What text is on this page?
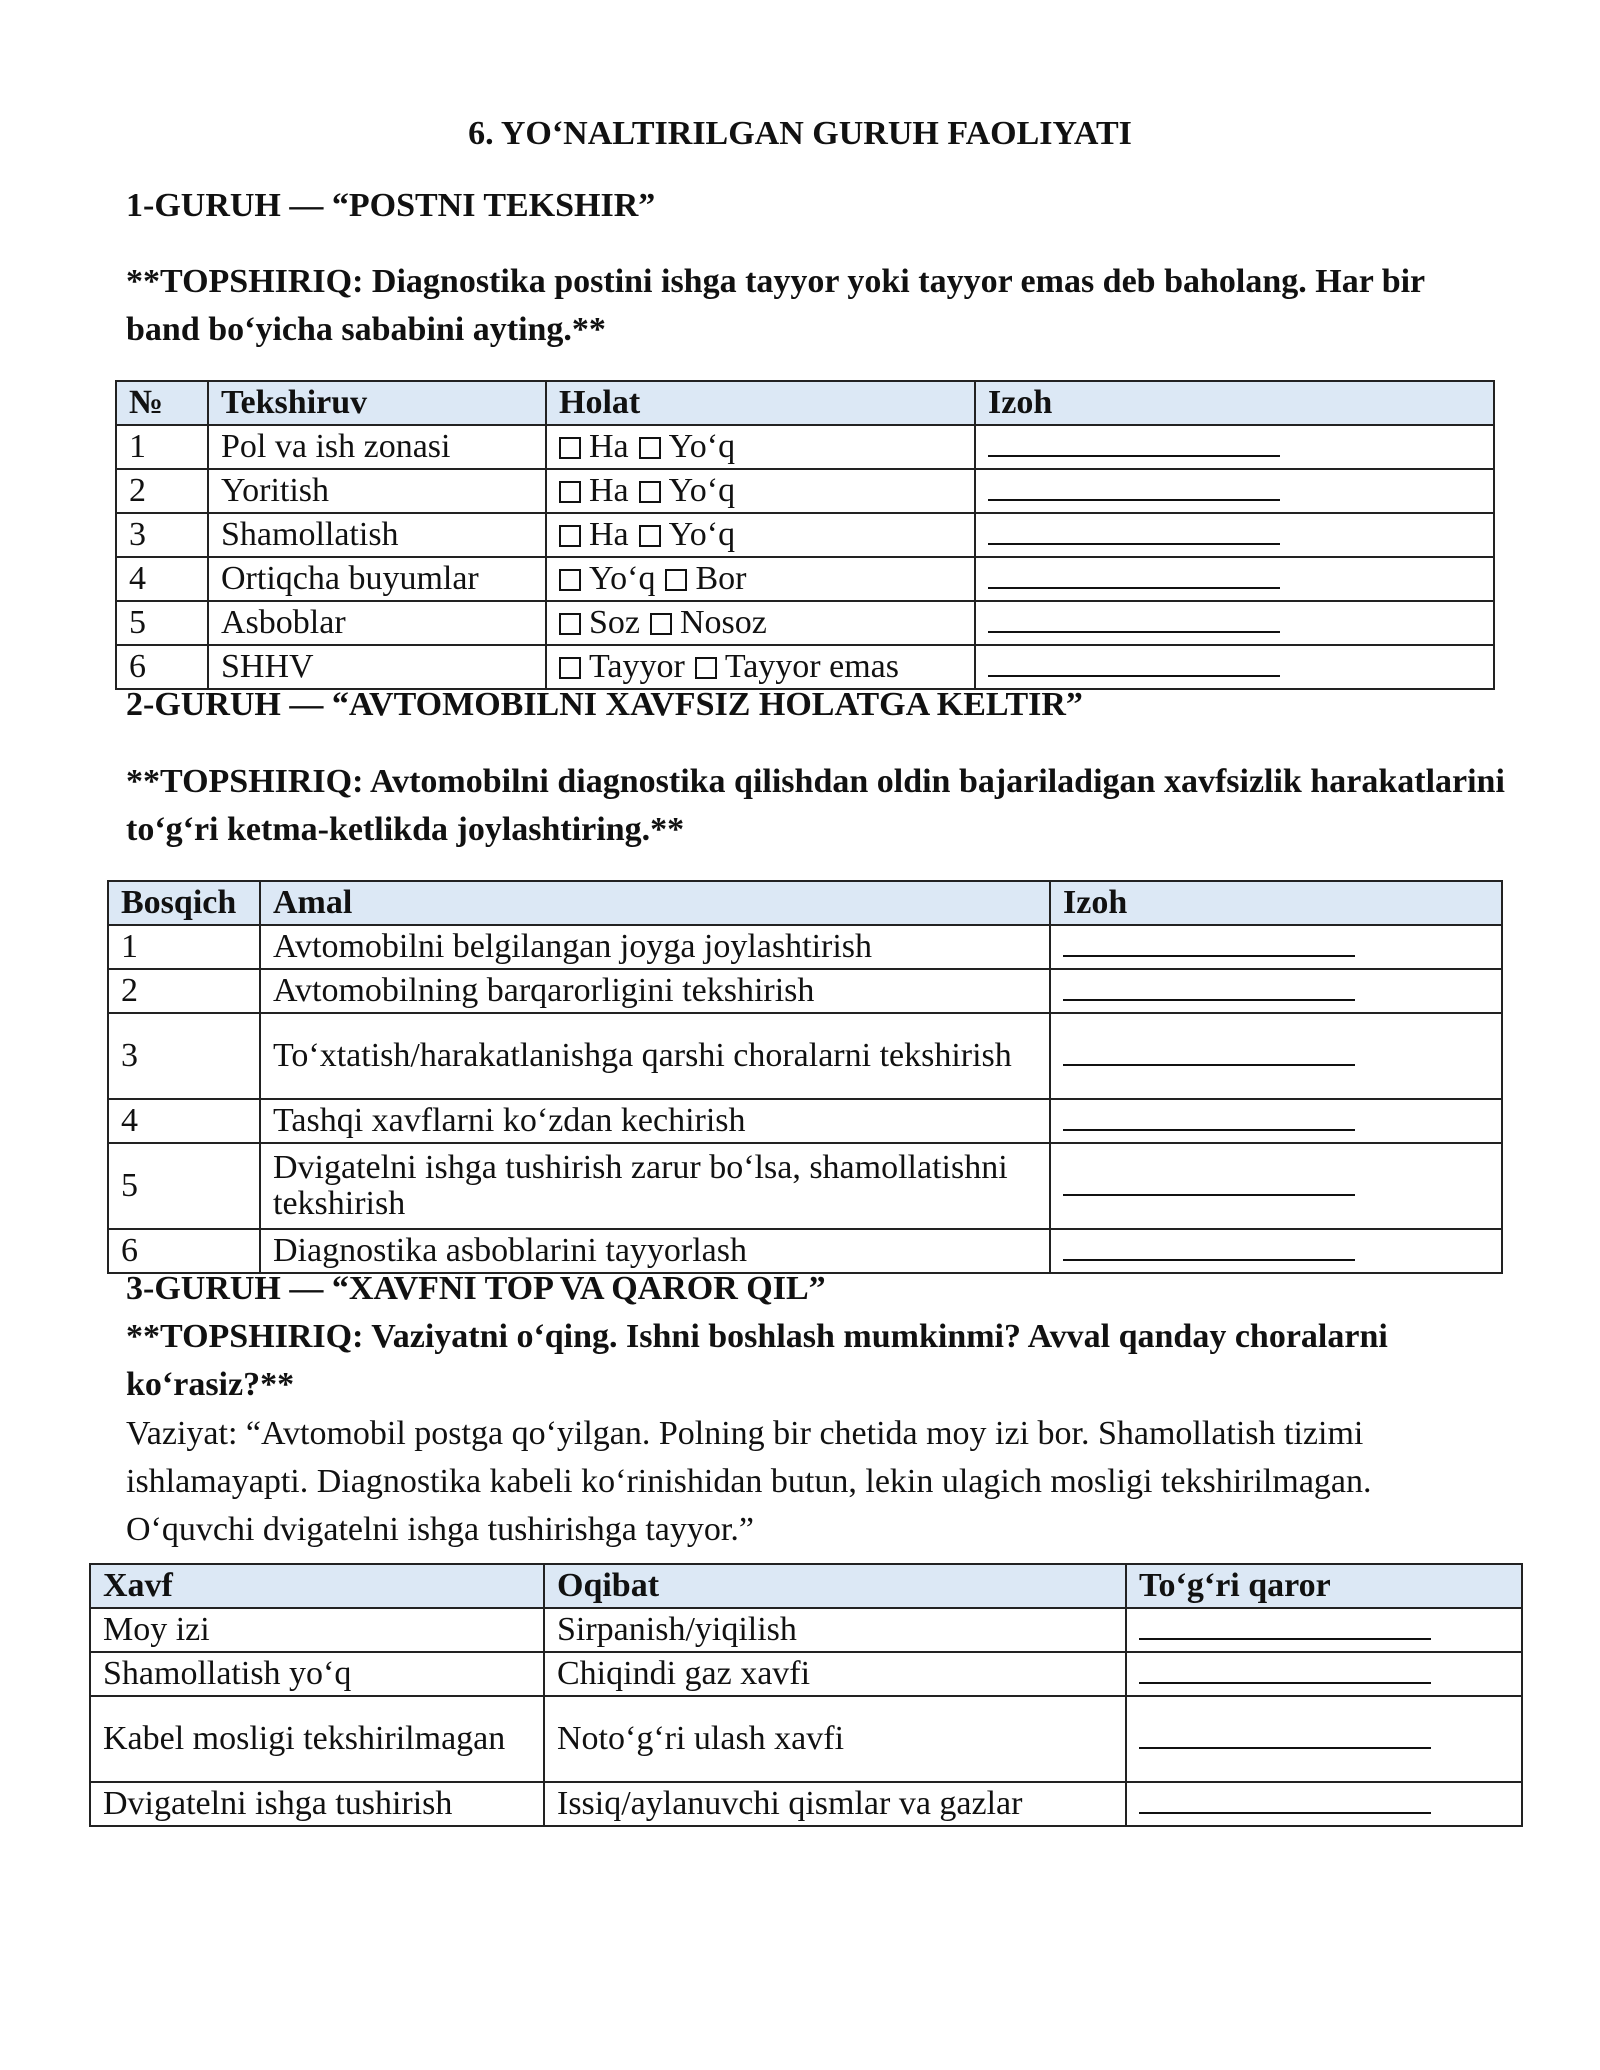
6. YO‘NALTIRILGAN GURUH FAOLIYATI
1-GURUH — “POSTNI TEKSHIR”
**TOPSHIRIQ: Diagnostika postini ishga tayyor yoki tayyor emas deb baholang. Har bir band bo‘yicha sababini ayting.**
№	Tekshiruv	Holat	Izoh
1	Pol va ish zonasi	Ha Yo‘q	
2	Yoritish	Ha Yo‘q	
3	Shamollatish	Ha Yo‘q	
4	Ortiqcha buyumlar	Yo‘q Bor	
5	Asboblar	Soz Nosoz	
6	SHHV	Tayyor Tayyor emas	
2-GURUH — “AVTOMOBILNI XAVFSIZ HOLATGA KELTIR”
**TOPSHIRIQ: Avtomobilni diagnostika qilishdan oldin bajariladigan xavfsizlik harakatlarini to‘g‘ri ketma-ketlikda joylashtiring.**
Bosqich	Amal	Izoh
1	Avtomobilni belgilangan joyga joylashtirish	
2	Avtomobilning barqarorligini tekshirish	
3	To‘xtatish/harakatlanishga qarshi choralarni tekshirish	
4	Tashqi xavflarni ko‘zdan kechirish	
5	Dvigatelni ishga tushirish zarur bo‘lsa, shamollatishni tekshirish	
6	Diagnostika asboblarini tayyorlash	
3-GURUH — “XAVFNI TOP VA QAROR QIL”
**TOPSHIRIQ: Vaziyatni o‘qing. Ishni boshlash mumkinmi? Avval qanday choralarni ko‘rasiz?**
Vaziyat: “Avtomobil postga qo‘yilgan. Polning bir chetida moy izi bor. Shamollatish tizimi ishlamayapti. Diagnostika kabeli ko‘rinishidan butun, lekin ulagich mosligi tekshirilmagan. O‘quvchi dvigatelni ishga tushirishga tayyor.”
Xavf	Oqibat	To‘g‘ri qaror
Moy izi	Sirpanish/yiqilish	
Shamollatish yo‘q	Chiqindi gaz xavfi	
Kabel mosligi tekshirilmagan	Noto‘g‘ri ulash xavfi	
Dvigatelni ishga tushirish	Issiq/aylanuvchi qismlar va gazlar	
